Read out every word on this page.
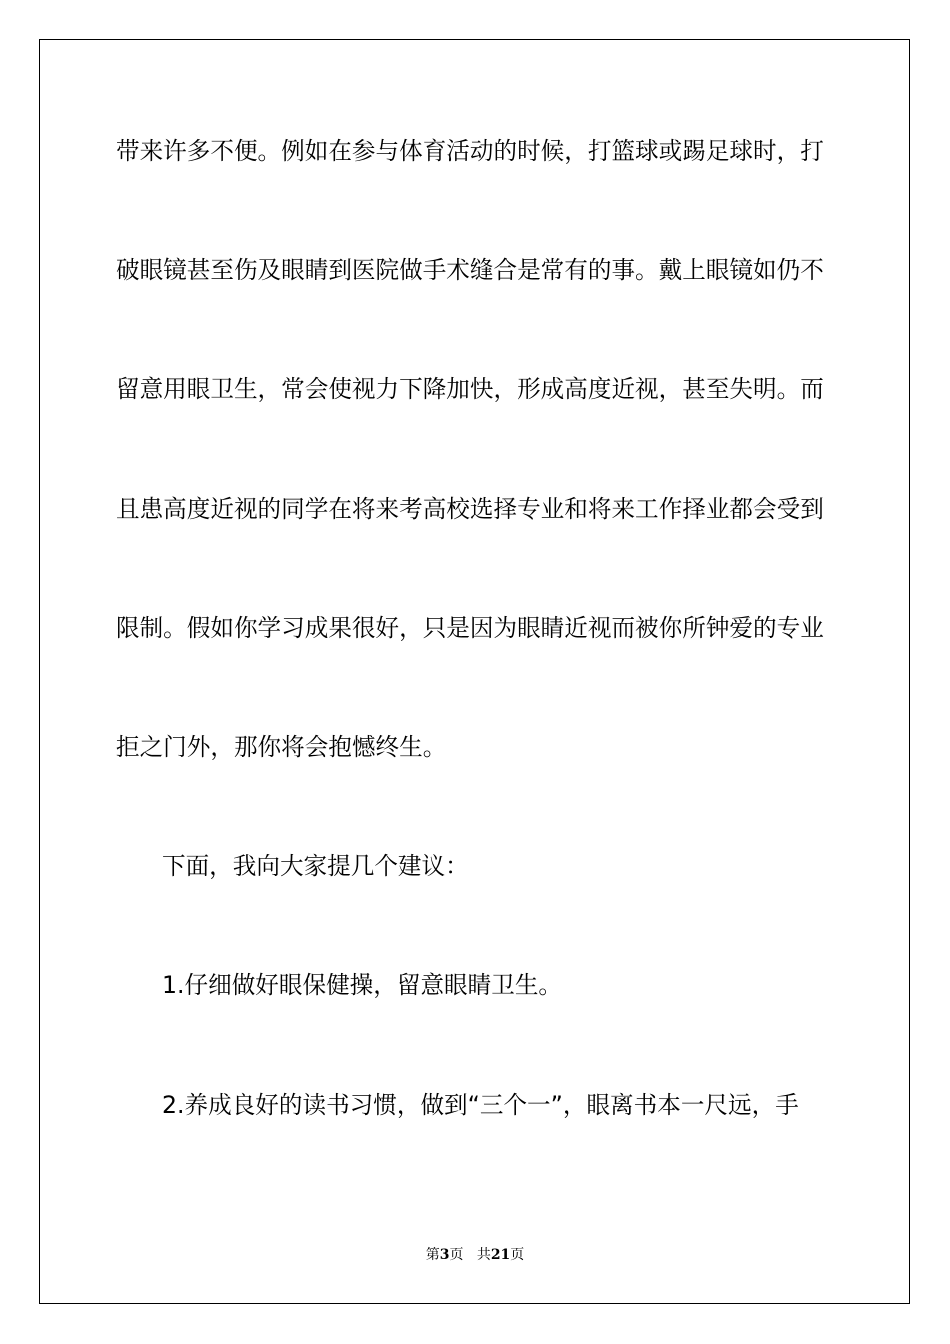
带来许多不便。例如在参与体育活动的时候，打篮球或踢足球时，打
破眼镜甚至伤及眼睛到医院做手术缝合是常有的事。戴上眼镜如仍不
留意用眼卫生，常会使视力下降加快，形成高度近视，甚至失明。而
且患高度近视的同学在将来考高校选择专业和将来工作择业都会受到
限制。假如你学习成果很好，只是因为眼睛近视而被你所钟爱的专业
拒之门外，那你将会抱憾终生。
下面，我向大家提几个建议：
1.仔细做好眼保健操，留意眼睛卫生。
2.养成良好的读书习惯，做到“三个一”，眼离书本一尺远，手
第3页 共21页
